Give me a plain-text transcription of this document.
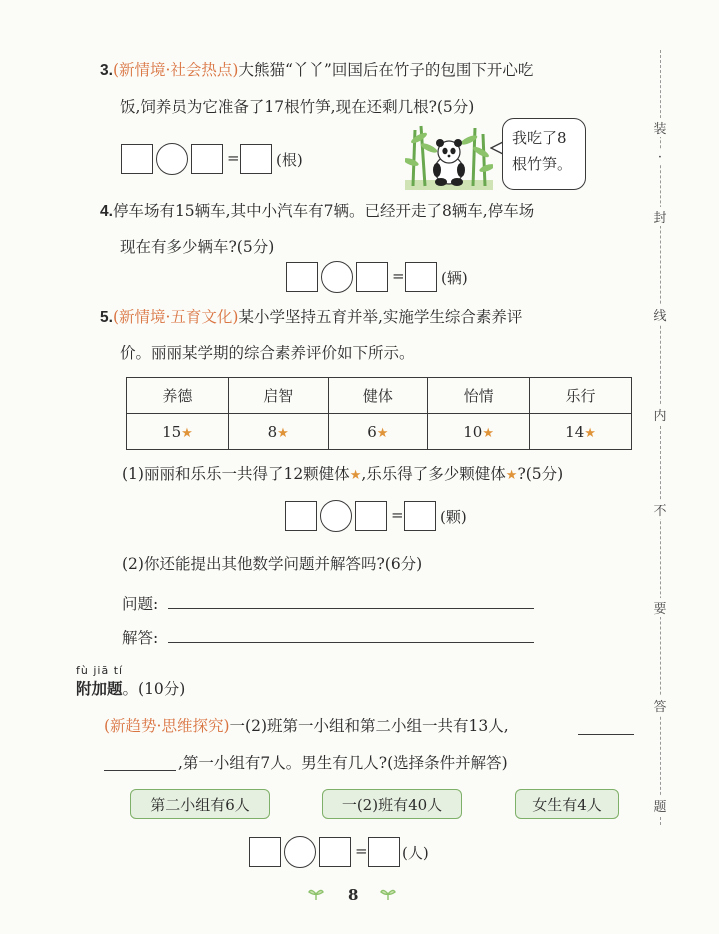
装
·
封
线
内
不
要
答
题
3.(新情境·社会热点)大熊猫“丫丫”回国后在竹子的包围下开心吃
饭,饲养员为它准备了17根竹笋,现在还剩几根?(5分)
= (根)
我吃了8
根竹笋。
4.停车场有15辆车,其中小汽车有7辆。已经开走了8辆车,停车场
现在有多少辆车?(5分)
= (辆)
5.(新情境·五育文化)某小学坚持五育并举,实施学生综合素养评
价。丽丽某学期的综合素养评价如下所示。
养德	启智	健体	怡情	乐行
15★	8★	6★	10★	14★
(1)丽丽和乐乐一共得了12颗健体★,乐乐得了多少颗健体★?(5分)
= (颗)
(2)你还能提出其他数学问题并解答吗?(6分)
问题:
解答:
fù jiā tí
附加题。(10分)
(新趋势·思维探究)一(2)班第一小组和第二小组一共有13人,
,第一小组有7人。男生有几人?(选择条件并解答)
第二小组有6人	一(2)班有40人	女生有4人
= (人)
8
